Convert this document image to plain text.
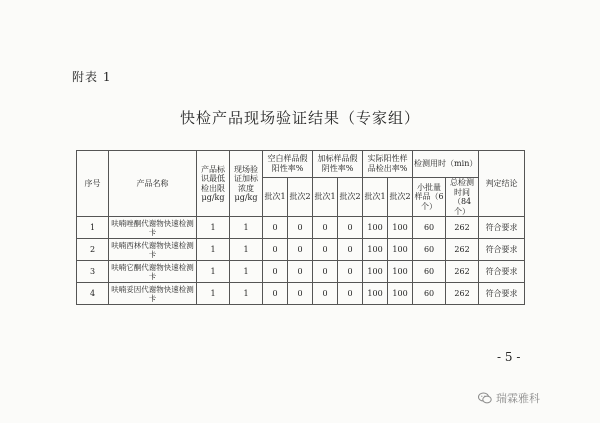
附表 1
快检产品现场验证结果（专家组）
序号	产品名称	产品标识最低检出限μg/kg	现场验证加标浓度μg/kg	空白样品假阳性率%		加标样品假阴性率%		实际阳性样品检出率%		检测用时（min）		判定结论
				批次1	批次2	批次1	批次2	批次1	批次2	小批量样品（6个）	总检测时间（84个）	
1	呋喃唑酮代谢物快速检测卡	1	1	0	0	0	0	100	100	60	262	符合要求
2	呋喃西林代谢物快速检测卡	1	1	0	0	0	0	100	100	60	262	符合要求
3	呋喃它酮代谢物快速检测卡	1	1	0	0	0	0	100	100	60	262	符合要求
4	呋喃妥因代谢物快速检测卡	1	1	0	0	0	0	100	100	60	262	符合要求
- 5 -
瑞霖雅科
